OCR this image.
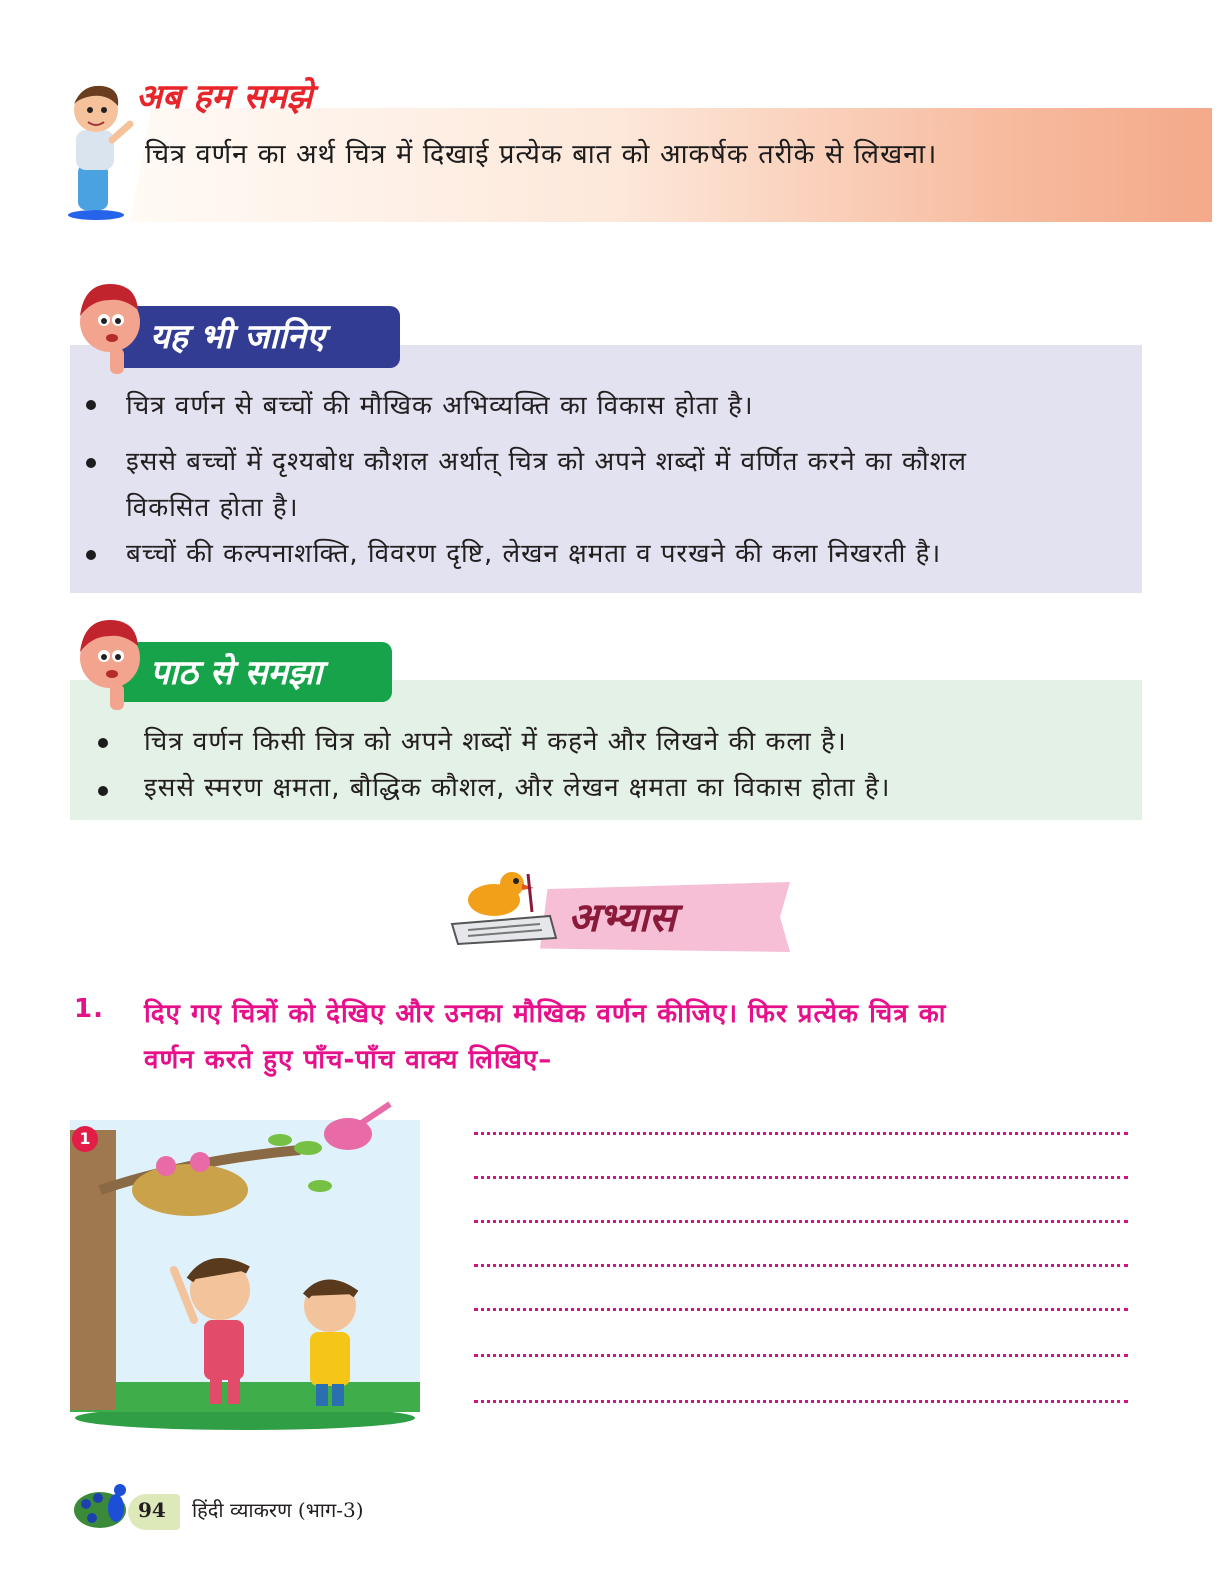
अब हम समझे
चित्र वर्णन का अर्थ चित्र में दिखाई प्रत्येक बात को आकर्षक तरीके से लिखना।
यह भी जानिए
चित्र वर्णन से बच्चों की मौखिक अभिव्यक्ति का विकास होता है।
इससे बच्चों में दृश्यबोध कौशल अर्थात् चित्र को अपने शब्दों में वर्णित करने का कौशल
विकसित होता है।
बच्चों की कल्पनाशक्ति, विवरण दृष्टि, लेखन क्षमता व परखने की कला निखरती है।
पाठ से समझा
चित्र वर्णन किसी चित्र को अपने शब्दों में कहने और लिखने की कला है।
इससे स्मरण क्षमता, बौद्धिक कौशल, और लेखन क्षमता का विकास होता है।
अभ्यास
1. दिए गए चित्रों को देखिए और उनका मौखिक वर्णन कीजिए। फिर प्रत्येक चित्र का
वर्णन करते हुए पाँच-पाँच वाक्य लिखिए–
1
94 हिंदी व्याकरण (भाग-3)
